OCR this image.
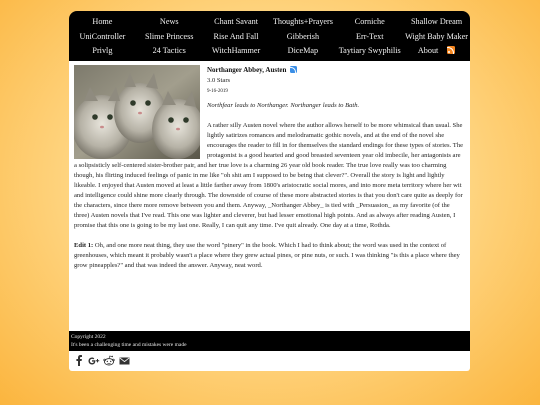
Home	News	Chant Savant	Thoughts+Prayers	Corniche	Shallow Dream
UniController	Slime Princess	Rise And Fall	Gibberish	Err-Text	Wight Baby Maker
Privlg	24 Tactics	WitchHammer	DiceMap	Taytiary Swyphilis	About
Northanger Abbey, Austen
3.0 Stars
9-16-2019

Northfear leads to Northanger. Northanger leads to Bath.

A rather silly Austen novel where the author allows herself to be more whimsical than usual. She lightly satirizes romances and melodramatic gothic novels, and at the end of the novel she encourages the reader to fill in for themselves the standard endings for these types of stories. The protagonist is a good hearted and good breasted seventeen year old imbecile, her antagonists are a solipsisticly self-centered sister-brother pair, and her true love is a charming 26 year old book reader. The true love really was too charming though, his flirting induced feelings of panic in me like "oh shit am I supposed to be being that clever?". Overall the story is light and lightly likeable. I enjoyed that Austen moved at least a little farther away from 1800's aristocratic social mores, and into more meta territory where her wit and intelligence could shine more clearly through. The downside of course of these more abstracted stories is that you don't care quite as deeply for the characters, since there more remove between you and them. Anyway, _Northanger Abbey_ is tied with _Persuasion_ as my favorite (of the three) Austen novels that I've read. This one was lighter and cleverer, but had lesser emotional high points. And as always after reading Austen, I promise that this one is going to be my last one. Really, I can quit any time. I've quit already. One day at a time, Rothda.

Edit 1: Oh, and one more neat thing, they use the word "pinery" in the book. Which I had to think about; the word was used in the context of greenhouses, which meant it probably wasn't a place where they grew actual pines, or pine nuts, or such. I was thinking "is this a place where they grow pineapples?" and that was indeed the answer. Anyway, neat word.

Copyright 2022
It's been a challenging time and mistakes were made
